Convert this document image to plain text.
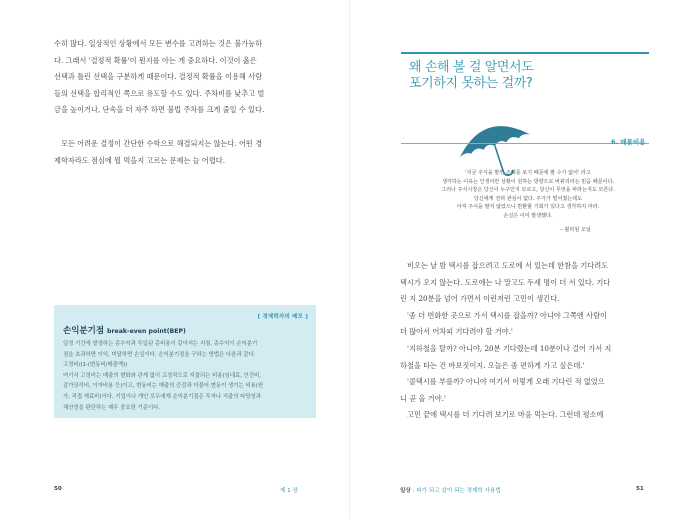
수히 많다. 일상적인 상황에서 모든 변수를 고려하는 것은 불가능하
다. 그래서 '결정적 확률'이 뭔지를 아는 게 중요하다. 이것이 옳은
선택과 틀린 선택을 구분하게 때문이다. 결정적 확률을 이용해 사람
들의 선택을 합리적인 쪽으로 유도할 수도 있다. 주차비를 낮추고 벌
금을 높이거나, 단속을 더 자주 하면 불법 주차를 크게 줄일 수 있다.

모든 어려운 결정이 간단한 수학으로 해결되지는 않는다. 어떤 경
제학자라도 점심에 뭘 먹을지 고르는 문제는 늘 어렵다.

[ 경제학자의 메모 ]
손익분기점 break-even point(BEP)

일정 기간에 발생하는 총수익과 투입된 총비용이 같아지는 지점. 총수익이 손익분기
점을 초과하면 이익, 미달하면 손실이다. 손익분기점을 구하는 방법은 다음과 같다.
고정비/(1-(변동비/매출액))
여기서 고정비는 매출의 변화와 관계 없이 고정적으로 지출되는 비용(임대료, 인건비,
감가상각비, 이자비용 등)이고, 변동비는 매출의 증감과 더불어 변동이 생기는 비용(원
가, 직접 재료비)이다. 기업이나 개인 모두에게 손익분기점은 투자나 지출의 타당성과
채산성을 판단하는 매우 중요한 기준이다.

50	제 1 장
왜 손해 볼 걸 알면서도
포기하지 못하는 걸까?
6. 매몰비용

'지금 주식을 팔면 손해를 보기 때문에 팔 수가 없어' 라고
생각하는 이유는 인생이란 상황이 원하는 방향으로 바뀌리라는 믿음 때문이다.
그러나 주식시장은 당신이 누구인지 모르고, 당신이 무엇을 바라는지도 모른다.
당신에게 전혀 관심이 없다. 주가가 떨어졌는데도
아직 주식을 팔지 않았으니 반환할 기회가 있다고 생각하지 마라.
손실은 이미 발생했다.

– 윌리엄 오닐

비오는 날 밤 택시를 잡으려고 도로에 서 있는데 한참을 기다려도
택시가 오지 않는다. 도로에는 나 말고도 두세 명이 더 서 있다. 기다
린 지 20분을 넘어 가면서 이런저런 고민이 생긴다.
'좀 더 번화한 곳으로 가서 택시를 잡을까? 아니야 그쪽엔 사람이
더 많아서 어차피 기다려야 할 거야.'
'지하철을 탈까? 아니야, 20분 기다렸는데 10분이나 걸어 가서 지
하철을 타는 건 바보짓이지. 오늘은 좀 편하게 가고 싶은데.'
'콜택시를 부를까? 아니야 여기서 이렇게 오래 기다린 적 없었으
니 곧 올 거야.'
고민 끝에 택시를 더 기다려 보기로 마음 먹는다. 그런데 평소에

일상 : 피가 되고 살이 되는 경제학 사용법	51
